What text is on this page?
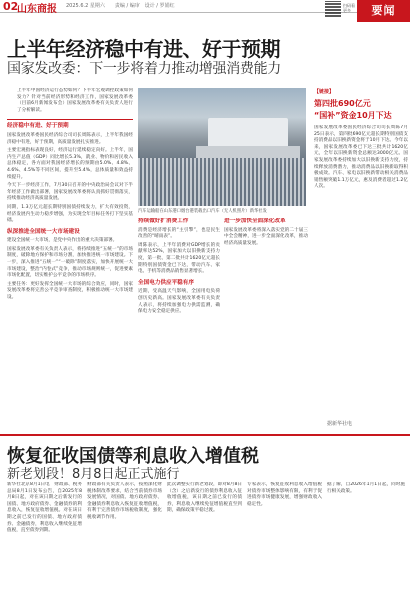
02
山东商报 2025.6.2 星期六　　责编 / 编审　设计 / 罗娟红	扫码看更多	要闻
上半年经济稳中有进、好于预期
国家发改委：下一步将着力推动增强消费能力
上半年中国经济运行态势如何？下半年宏观调控政策如何发力？针对当前经济形势和经济工作，国家发展改革委（目前6月新闻发布会）国家发展改革委有关负责人进行了分析解读。
经济稳中有进、好于预期
国家发展改革委国民经济综合司司长周陈表示，上半年我国经济稳中有进，好于预期，高质量发展扎实推进。
主要宏观指标表现良好，经济运行延续稳定向好。上半年，国内生产总值（GDP）同比增长5.3%，就业、物价和居民收入总体稳定，各方面对我国经济增长的预期由5.0%、4.8%、4.6%、4.5%等不同区间，提升至5.4%，总体质量和效益持续提升。
今天下一步经济工作，7月30日召开的中央政治局会议对下半年经济工作做出部署，国家发展改革委将认真抓好贯彻落实，持续推动经济高质量发展。
同期，1.3万亿元超长期特别国债持续发力，扩大有效投资，经济发展内生动力稳步增强，为实现全年目标任务打下坚实基础。
纵深推进全国统一大市场建设
建设全国统一大市场，是党中央作出的重大决策部署。
国家发展改革委有关负责人表示，将持续推进“五统一”的市场制度，破除地方保护和市场分割，加快推进统一市场建设。下一步，深入推进“五统一”“一破除”制度落实，加快开展统一大市场建设，整治“内卷式”竞争，推动市场规则统一，促进要素市场化配置，切实维护公平竞争的市场秩序。
主要任务：更好发挥全国统一大市场的综合效应，同时，国家发展改革委将完善公平竞争审查制度，积极推动统一大市场建设。
汽车运输船在山东港口烟台港装载出口汽车（无人机照片）新华社发
持续做好扩消费工作
消费是经济增长的“主引擎”，也是民生改善的“晴雨表”。
周陈表示，上半年消费对GDP增长的贡献率达52%，国家加大以旧换新支持力度，第一批、第二批共计1620亿元超长期特别国债资金已下达，带动汽车、家电、手机等消费品销售显著增长。
全国电力供应平稳有序
近期，受高温天气影响，全国用电负荷创历史新高。国家发展改革委有关负责人表示，将持续加强电力供需监测，确保电力安全稳定供应。
进一步加快全面深化改革
国家发展改革委将深入落实党的二十届三中全会精神，进一步全面深化改革，推动经济高质量发展。
【链接】
第四批690亿元
“国补”资金10月下达
国家发展改革委国民经济综合司司长周陈7月25日表示，第四批690亿元超长期特别国债支持消费品以旧换新资金将于10月下达。今年以来，国家发展改革委已下达三批共计1620亿元，全年以旧换新资金总额达3000亿元。国家发展改革委持续加大以旧换新支持力度，持续释放消费潜力，推动消费品以旧换新取得积极成效。汽车、家电以旧换新带动相关消费品销售额突破1.1万亿元，惠及消费者超过1.2亿人次。
据新华社电
恢复征收国债等利息收入增值税
新老划段！8月8日起正式施行
新华社北京8月1日电　财政部、税务总局8月1日发布公告，自2025年8月8日起，对在该日期之后新发行的国债、地方政府债券、金融债券的利息收入，恢复征收增值税。对在该日期之前已发行的国债、地方政府债券、金融债券，利息收入继续免征增值税，直至债券到期。
财政部有关负责人表示，按照深化财税体制改革要求，结合当前债券市场发展情况，对国债、地方政府债券、金融债券利息收入恢复征收增值税，有利于完善债券市场税收制度，强化税收调节作用。
此次调整实行新老划段，即对8月8日（含）之后新发行的债券利息收入征收增值税，该日期之前已发行的债券，利息收入继续免征增值税直至到期，确保政策平稳过渡。
专家表示，恢复征收利息收入增值税对债券市场整体影响有限，有利于促进债券市场健康发展，增强财政收入稳定性。
据了解，自2026年1月1日起，同时施行相关政策。
